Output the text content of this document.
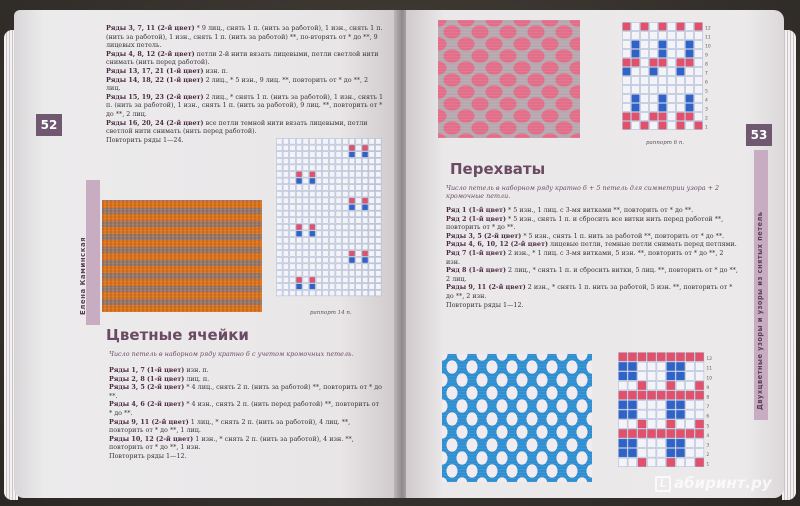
52
Елена Каминская

Ряды 3, 7, 11 (2-й цвет) * 9 лиц., снять 1 п. (нить за работой), 1 изн., снять 1 п. (нить за работой), 1 изн., снять 1 п. (нить за работой) **, по-вторять от * до **, 9 лицевых петель.

Ряды 4, 8, 12 (2-й цвет) петли 2-й нити вязать лицевыми, петли светлой нити снимать (нить перед работой).

Ряды 13, 17, 21 (1-й цвет) изн. п.

Ряды 14, 18, 22 (1-й цвет) 2 лиц., * 5 изн., 9 лиц. **, повторить от * до **, 2 лиц.

Ряды 15, 19, 23 (2-й цвет) 2 лиц., * снять 1 п. (нить за работой), 1 изн., снять 1 п. (нить за работой), 1 изн., снять 1 п. (нить за работой), 9 лиц. **, повторить от * до **, 2 лиц.

Ряды 16, 20, 24 (2-й цвет) все петли темной нити вязать лицевыми, петли светлой нити снимать (нить перед работой).

Повторить ряды 1—24.

раппорт 14 п.
Цветные ячейки
Число петель в наборном ряду кратно 6 с учетом кромочных петель.

Ряды 1, 7 (1-й цвет) изн. п.

Ряды 2, 8 (1-й цвет) лиц. п.

Ряды 3, 5 (2-й цвет) * 4 лиц., снять 2 п. (нить за работой) **, повторить от * до **.

Ряды 4, 6 (2-й цвет) * 4 изн., снять 2 п. (нить перед работой) **, повторить от * до **.

Ряды 9, 11 (2-й цвет) 1 лиц., * снять 2 п. (нить за работой), 4 лиц. **, повторить от * до **, 1 лиц.

Ряды 10, 12 (2-й цвет) 1 изн., * снять 2 п. (нить за работой), 4 изн. **, повторить от * до **, 1 изн.

Повторить ряды 1—12.

12
11
10
9
8
7
6
5
4
3
2
1
раппорт 6 п.
53
Двухцветные узоры и узоры из снятых петель
Перехваты
Число петель в наборном ряду кратно 6 + 5 петель для симметрии узора + 2 кромочные петли.

Ряд 1 (1-й цвет) * 5 изн., 1 лиц. с 3-мя витками **, повторить от * до **.

Ряд 2 (1-й цвет) * 5 изн., снять 1 п. и сбросить все витки нить перед работой **, повторить от * до **.

Ряды 3, 5 (2-й цвет) * 5 изн., снять 1 п. нить за работой **, повторить от * до **.

Ряды 4, 6, 10, 12 (2-й цвет) лицевые петли, темные петли снимать перед петлями.

Ряд 7 (1-й цвет) 2 изн., * 1 лиц. с 3-мя витками, 5 изн. **, повторить от * до **, 2 изн.

Ряд 8 (1-й цвет) 2 лиц., * снять 1 п. и сбросить витки, 5 лиц. **, повторить от * до **, 2 лиц.

Ряды 9, 11 (2-й цвет) 2 изн., * снять 1 п. нить за работой, 5 изн. **, повторить от * до **, 2 изн.

Повторить ряды 1—12.

12
11
10
9
8
7
6
5
4
3
2
1
L абиринт.ру
